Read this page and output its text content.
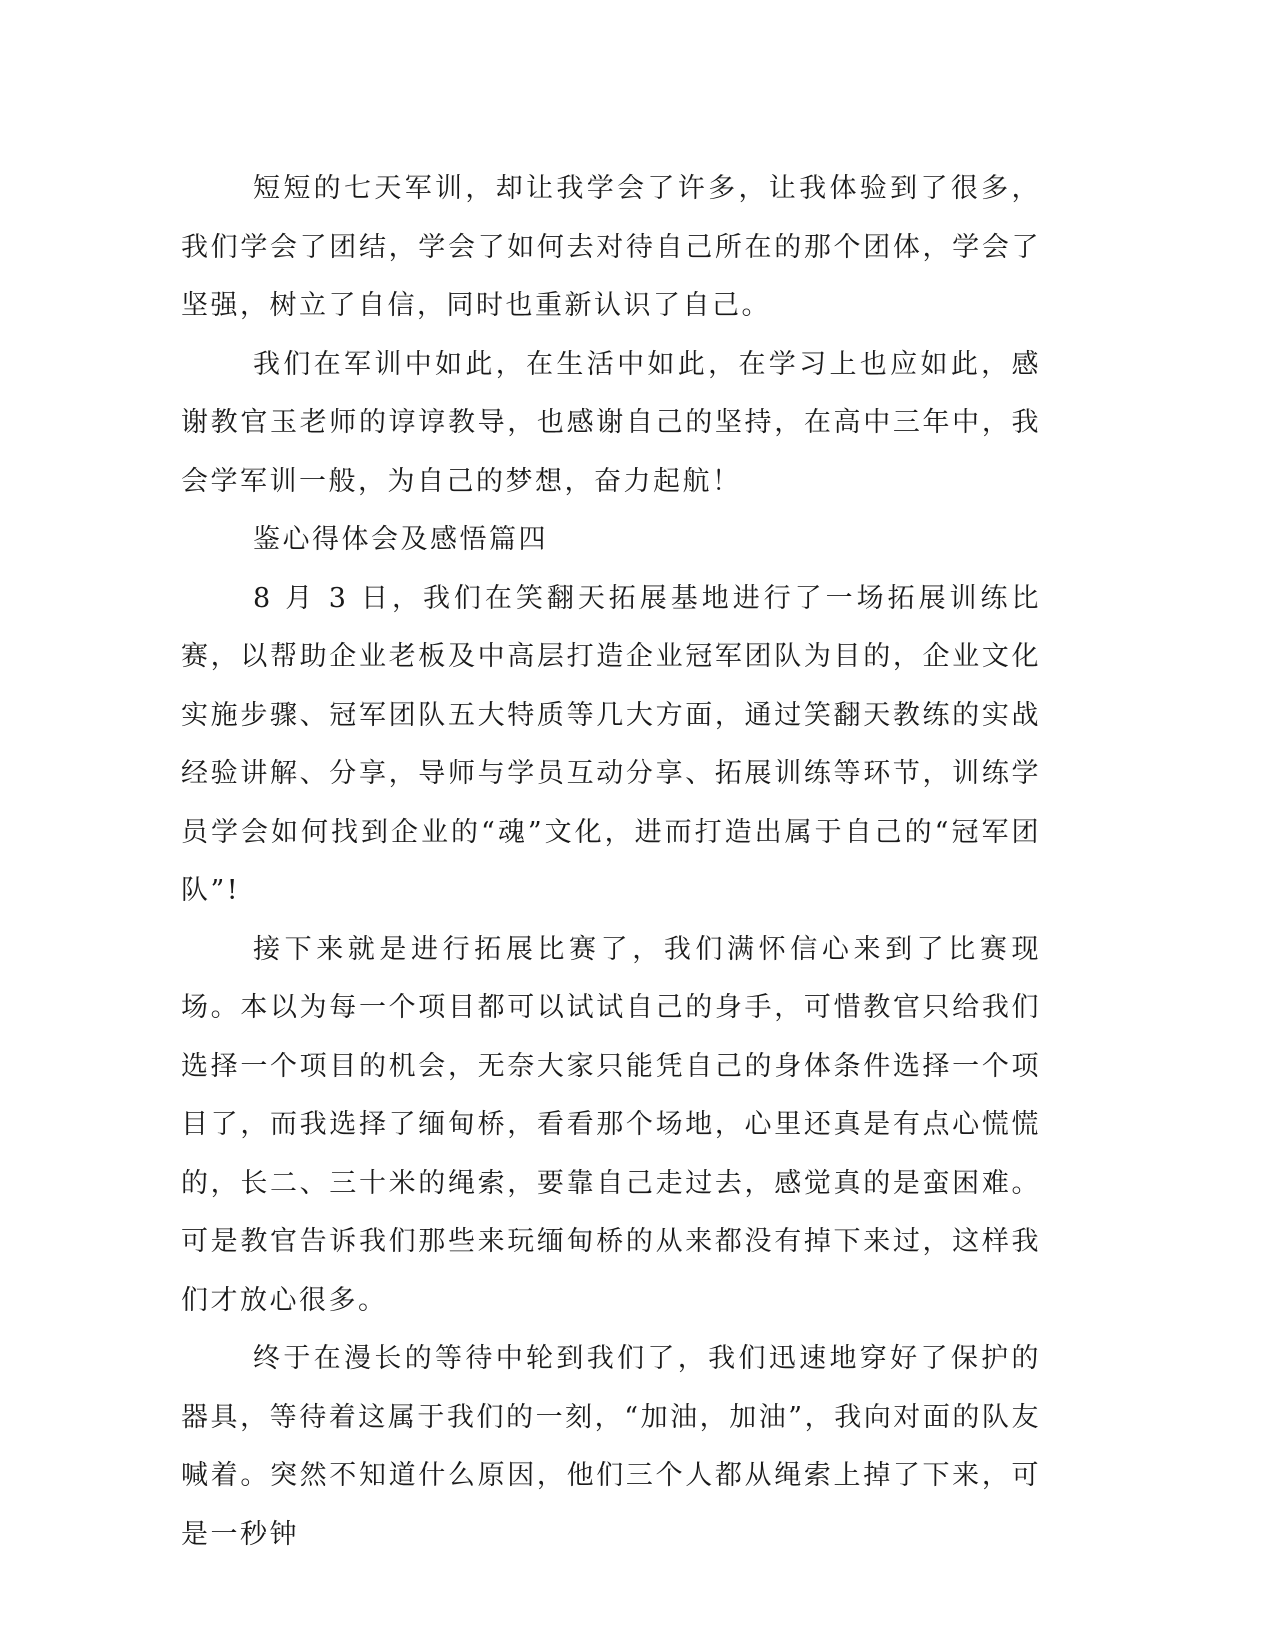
短短的七天军训，却让我学会了许多，让我体验到了很多，我们学会了团结，学会了如何去对待自己所在的那个团体，学会了坚强，树立了自信，同时也重新认识了自己。

我们在军训中如此，在生活中如此，在学习上也应如此，感谢教官玉老师的谆谆教导，也感谢自己的坚持，在高中三年中，我会学军训一般，为自己的梦想，奋力起航！

鉴心得体会及感悟篇四

8 月 3 日，我们在笑翻天拓展基地进行了一场拓展训练比赛，以帮助企业老板及中高层打造企业冠军团队为目的，企业文化实施步骤、冠军团队五大特质等几大方面，通过笑翻天教练的实战经验讲解、分享，导师与学员互动分享、拓展训练等环节，训练学员学会如何找到企业的“魂”文化，进而打造出属于自己的“冠军团队”!

接下来就是进行拓展比赛了，我们满怀信心来到了比赛现场。本以为每一个项目都可以试试自己的身手，可惜教官只给我们选择一个项目的机会，无奈大家只能凭自己的身体条件选择一个项目了，而我选择了缅甸桥，看看那个场地，心里还真是有点心慌慌的，长二、三十米的绳索，要靠自己走过去，感觉真的是蛮困难。可是教官告诉我们那些来玩缅甸桥的从来都没有掉下来过，这样我们才放心很多。

终于在漫长的等待中轮到我们了，我们迅速地穿好了保护的器具，等待着这属于我们的一刻，“加油，加油”，我向对面的队友喊着。突然不知道什么原因，他们三个人都从绳索上掉了下来，可是一秒钟
